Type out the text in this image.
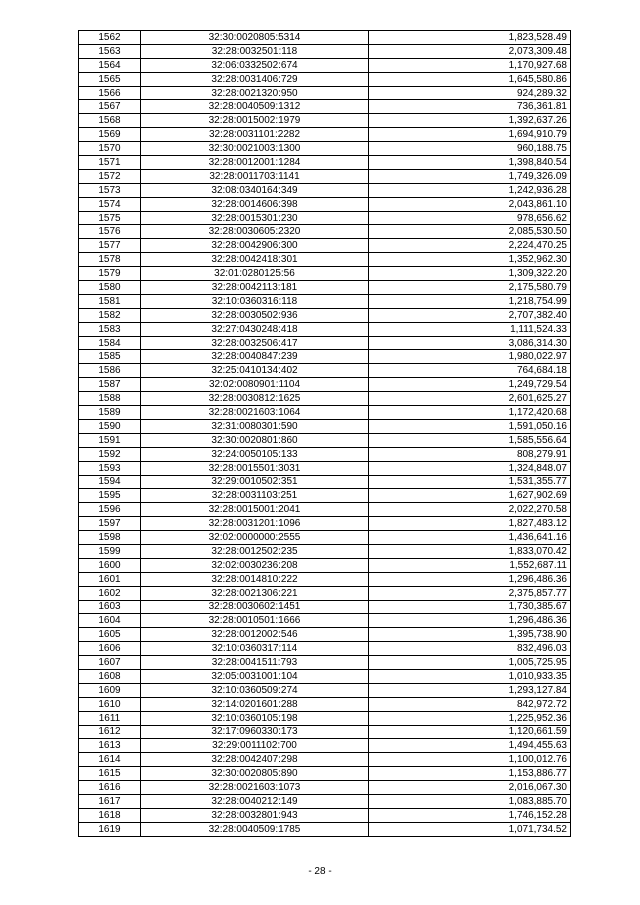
1562	32:30:0020805:5314	1,823,528.49
1563	32:28:0032501:118	2,073,309.48
1564	32:06:0332502:674	1,170,927.68
1565	32:28:0031406:729	1,645,580.86
1566	32:28:0021320:950	924,289.32
1567	32:28:0040509:1312	736,361.81
1568	32:28:0015002:1979	1,392,637.26
1569	32:28:0031101:2282	1,694,910.79
1570	32:30:0021003:1300	960,188.75
1571	32:28:0012001:1284	1,398,840.54
1572	32:28:0011703:1141	1,749,326.09
1573	32:08:0340164:349	1,242,936.28
1574	32:28:0014606:398	2,043,861.10
1575	32:28:0015301:230	978,656.62
1576	32:28:0030605:2320	2,085,530.50
1577	32:28:0042906:300	2,224,470.25
1578	32:28:0042418:301	1,352,962.30
1579	32:01:0280125:56	1,309,322.20
1580	32:28:0042113:181	2,175,580.79
1581	32:10:0360316:118	1,218,754.99
1582	32:28:0030502:936	2,707,382.40
1583	32:27:0430248:418	1,111,524.33
1584	32:28:0032506:417	3,086,314.30
1585	32:28:0040847:239	1,980,022.97
1586	32:25:0410134:402	764,684.18
1587	32:02:0080901:1104	1,249,729.54
1588	32:28:0030812:1625	2,601,625.27
1589	32:28:0021603:1064	1,172,420.68
1590	32:31:0080301:590	1,591,050.16
1591	32:30:0020801:860	1,585,556.64
1592	32:24:0050105:133	808,279.91
1593	32:28:0015501:3031	1,324,848.07
1594	32:29:0010502:351	1,531,355.77
1595	32:28:0031103:251	1,627,902.69
1596	32:28:0015001:2041	2,022,270.58
1597	32:28:0031201:1096	1,827,483.12
1598	32:02:0000000:2555	1,436,641.16
1599	32:28:0012502:235	1,833,070.42
1600	32:02:0030236:208	1,552,687.11
1601	32:28:0014810:222	1,296,486.36
1602	32:28:0021306:221	2,375,857.77
1603	32:28:0030602:1451	1,730,385.67
1604	32:28:0010501:1666	1,296,486.36
1605	32:28:0012002:546	1,395,738.90
1606	32:10:0360317:114	832,496.03
1607	32:28:0041511:793	1,005,725.95
1608	32:05:0031001:104	1,010,933.35
1609	32:10:0360509:274	1,293,127.84
1610	32:14:0201601:288	842,972.72
1611	32:10:0360105:198	1,225,952.36
1612	32:17:0960330:173	1,120,661.59
1613	32:29:0011102:700	1,494,455.63
1614	32:28:0042407:298	1,100,012.76
1615	32:30:0020805:890	1,153,886.77
1616	32:28:0021603:1073	2,016,067.30
1617	32:28:0040212:149	1,083,885.70
1618	32:28:0032801:943	1,746,152.28
1619	32:28:0040509:1785	1,071,734.52
- 28 -
